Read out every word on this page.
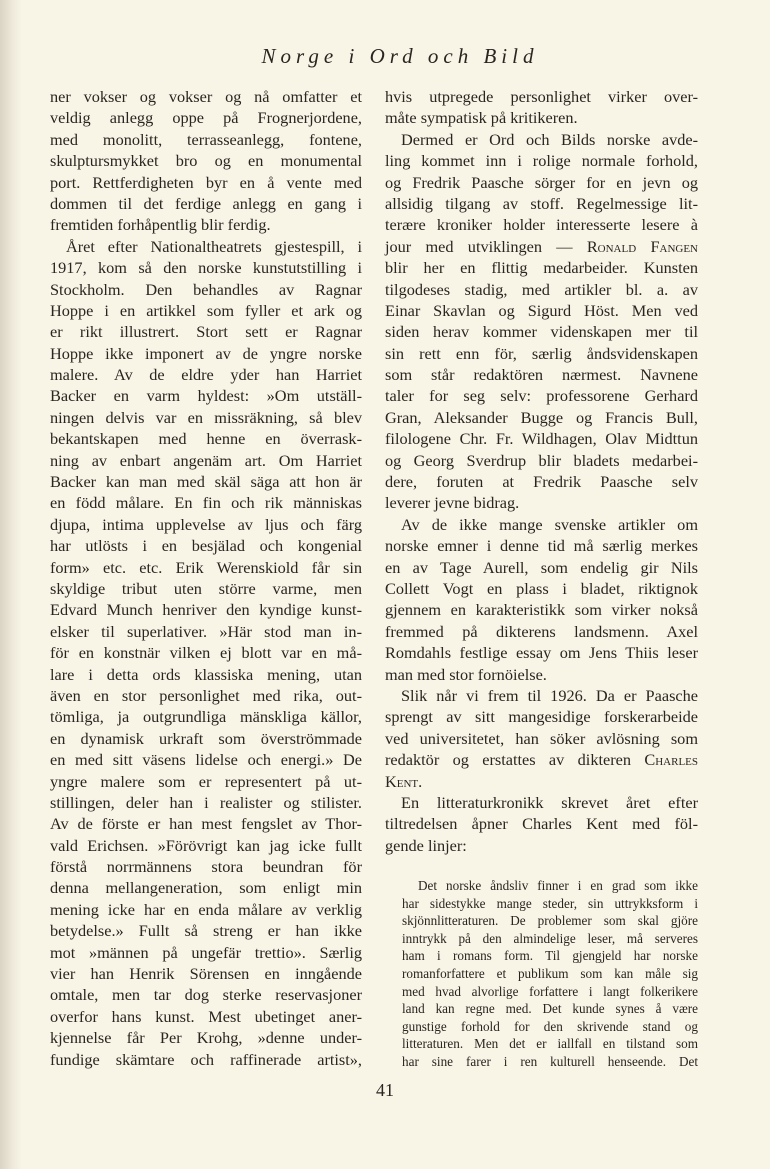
Norge i Ord och Bild
ner vokser og vokser og nå omfatter et
veldig anlegg oppe på Frognerjordene,
med monolitt, terrasseanlegg, fontene,
skulptursmykket bro og en monumental
port. Rettferdigheten byr en å vente med
dommen til det ferdige anlegg en gang i
fremtiden forhåpentlig blir ferdig.
Året efter Nationaltheatrets gjestespill, i
1917, kom så den norske kunstutstilling i
Stockholm. Den behandles av Ragnar
Hoppe i en artikkel som fyller et ark og
er rikt illustrert. Stort sett er Ragnar
Hoppe ikke imponert av de yngre norske
malere. Av de eldre yder han Harriet
Backer en varm hyldest: »Om utställ-
ningen delvis var en missräkning, så blev
bekantskapen med henne en överrask-
ning av enbart angenäm art. Om Harriet
Backer kan man med skäl säga att hon är
en född målare. En fin och rik människas
djupa, intima upplevelse av ljus och färg
har utlösts i en besjälad och kongenial
form» etc. etc. Erik Werenskiold får sin
skyldige tribut uten större varme, men
Edvard Munch henriver den kyndige kunst-
elsker til superlativer. »Här stod man in-
för en konstnär vilken ej blott var en må-
lare i detta ords klassiska mening, utan
även en stor personlighet med rika, out-
tömliga, ja outgrundliga mänskliga källor,
en dynamisk urkraft som överströmmade
en med sitt väsens lidelse och energi.» De
yngre malere som er representert på ut-
stillingen, deler han i realister og stilister.
Av de förste er han mest fengslet av Thor-
vald Erichsen. »Förövrigt kan jag icke fullt
förstå norrmännens stora beundran för
denna mellangeneration, som enligt min
mening icke har en enda målare av verklig
betydelse.» Fullt så streng er han ikke
mot »männen på ungefär trettio». Særlig
vier han Henrik Sörensen en inngående
omtale, men tar dog sterke reservasjoner
overfor hans kunst. Mest ubetinget aner-
kjennelse får Per Krohg, »denne under-
fundige skämtare och raffinerade artist»,
hvis utpregede personlighet virker over-
måte sympatisk på kritikeren.
Dermed er Ord och Bilds norske avde-
ling kommet inn i rolige normale forhold,
og Fredrik Paasche sörger for en jevn og
allsidig tilgang av stoff. Regelmessige lit-
terære kroniker holder interesserte lesere à
jour med utviklingen — Ronald Fangen
blir her en flittig medarbeider. Kunsten
tilgodeses stadig, med artikler bl. a. av
Einar Skavlan og Sigurd Höst. Men ved
siden herav kommer videnskapen mer til
sin rett enn för, særlig åndsvidenskapen
som står redaktören nærmest. Navnene
taler for seg selv: professorene Gerhard
Gran, Aleksander Bugge og Francis Bull,
filologene Chr. Fr. Wildhagen, Olav Midttun
og Georg Sverdrup blir bladets medarbei-
dere, foruten at Fredrik Paasche selv
leverer jevne bidrag.
Av de ikke mange svenske artikler om
norske emner i denne tid må særlig merkes
en av Tage Aurell, som endelig gir Nils
Collett Vogt en plass i bladet, riktignok
gjennem en karakteristikk som virker nokså
fremmed på dikterens landsmenn. Axel
Romdahls festlige essay om Jens Thiis leser
man med stor fornöielse.
Slik når vi frem til 1926. Da er Paasche
sprengt av sitt mangesidige forskerarbeide
ved universitetet, han söker avlösning som
redaktör og erstattes av dikteren Charles
Kent.
En litteraturkronikk skrevet året efter
tiltredelsen åpner Charles Kent med föl-
gende linjer:
Det norske åndsliv finner i en grad som ikke
har sidestykke mange steder, sin uttrykksform i
skjönnlitteraturen. De problemer som skal gjöre
inntrykk på den almindelige leser, må serveres
ham i romans form. Til gjengjeld har norske
romanforfattere et publikum som kan måle sig
med hvad alvorlige forfattere i langt folkerikere
land kan regne med. Det kunde synes å være
gunstige forhold for den skrivende stand og
litteraturen. Men det er iallfall en tilstand som
har sine farer i ren kulturell henseende. Det
41
